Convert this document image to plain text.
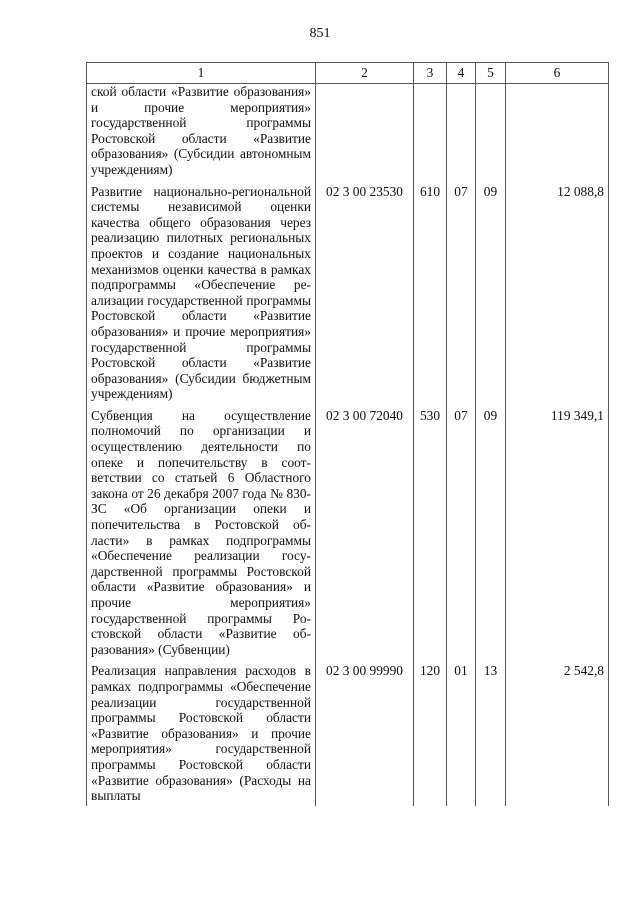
851
1	2	3	4	5	6
ской области «Развитие образования» и прочие мероприятия» государственной программы Ростовской области «Развитие образования» (Субсидии автономным учреждениям)					
Развитие национально-региональной системы независимой оценки качества общего образования через реализацию пилотных региональных проектов и создание национальных механизмов оценки качества в рамках подпрограммы «Обеспечение реализации государственной программы Ростовской области «Развитие образования» и прочие мероприятия» государственной программы Ростовской области «Развитие образования» (Субсидии бюджетным учреждениям)	02 3 00 23530	610	07	09	12 088,8
Субвенция на осуществление полномочий по организации и осуществлению деятельности по опеке и попечительству в соответствии со статьей 6 Областного закона от 26 декабря 2007 года № 830-ЗС «Об организации опеки и попечительства в Ростовской области» в рамках подпрограммы «Обеспечение реализации государственной программы Ростовской области «Развитие образования» и прочие мероприятия» государственной программы Ростовской области «Развитие образования» (Субвенции)	02 3 00 72040	530	07	09	119 349,1
Реализация направления расходов в рамках подпрограммы «Обеспечение реализации государственной программы Ростовской области «Развитие образования» и прочие мероприятия» государственной программы Ростовской области «Развитие образования» (Расходы на выплаты	02 3 00 99990	120	01	13	2 542,8
